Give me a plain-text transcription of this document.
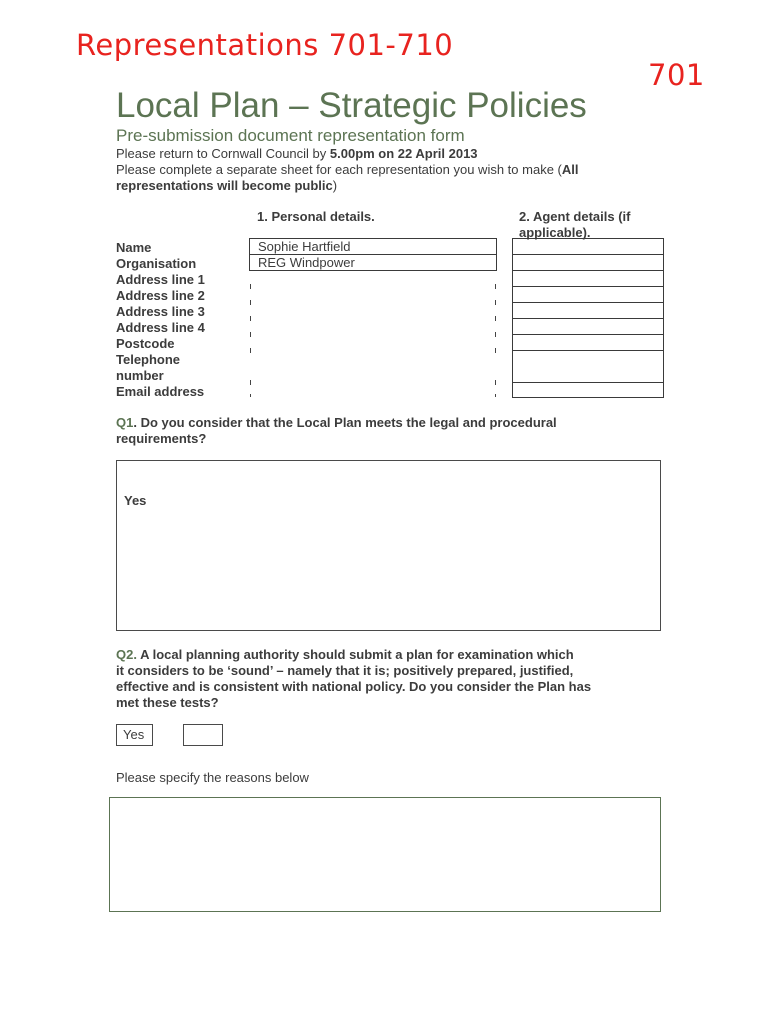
Representations 701-710
701
Local Plan – Strategic Policies
Pre-submission document representation form
Please return to Cornwall Council by 5.00pm on 22 April 2013
Please complete a separate sheet for each representation you wish to make (All
representations will become public)
1. Personal details.	2. Agent details (if
applicable).
Name
Organisation
Address line 1
Address line 2
Address line 3
Address line 4
Postcode
Telephone
number
Email address
Sophie Hartfield
REG Windpower
Q1. Do you consider that the Local Plan meets the legal and procedural
requirements?
Yes
Q2. A local planning authority should submit a plan for examination which
it considers to be ‘sound’ – namely that it is; positively prepared, justified,
effective and is consistent with national policy. Do you consider the Plan has
met these tests?
Yes
Please specify the reasons below
